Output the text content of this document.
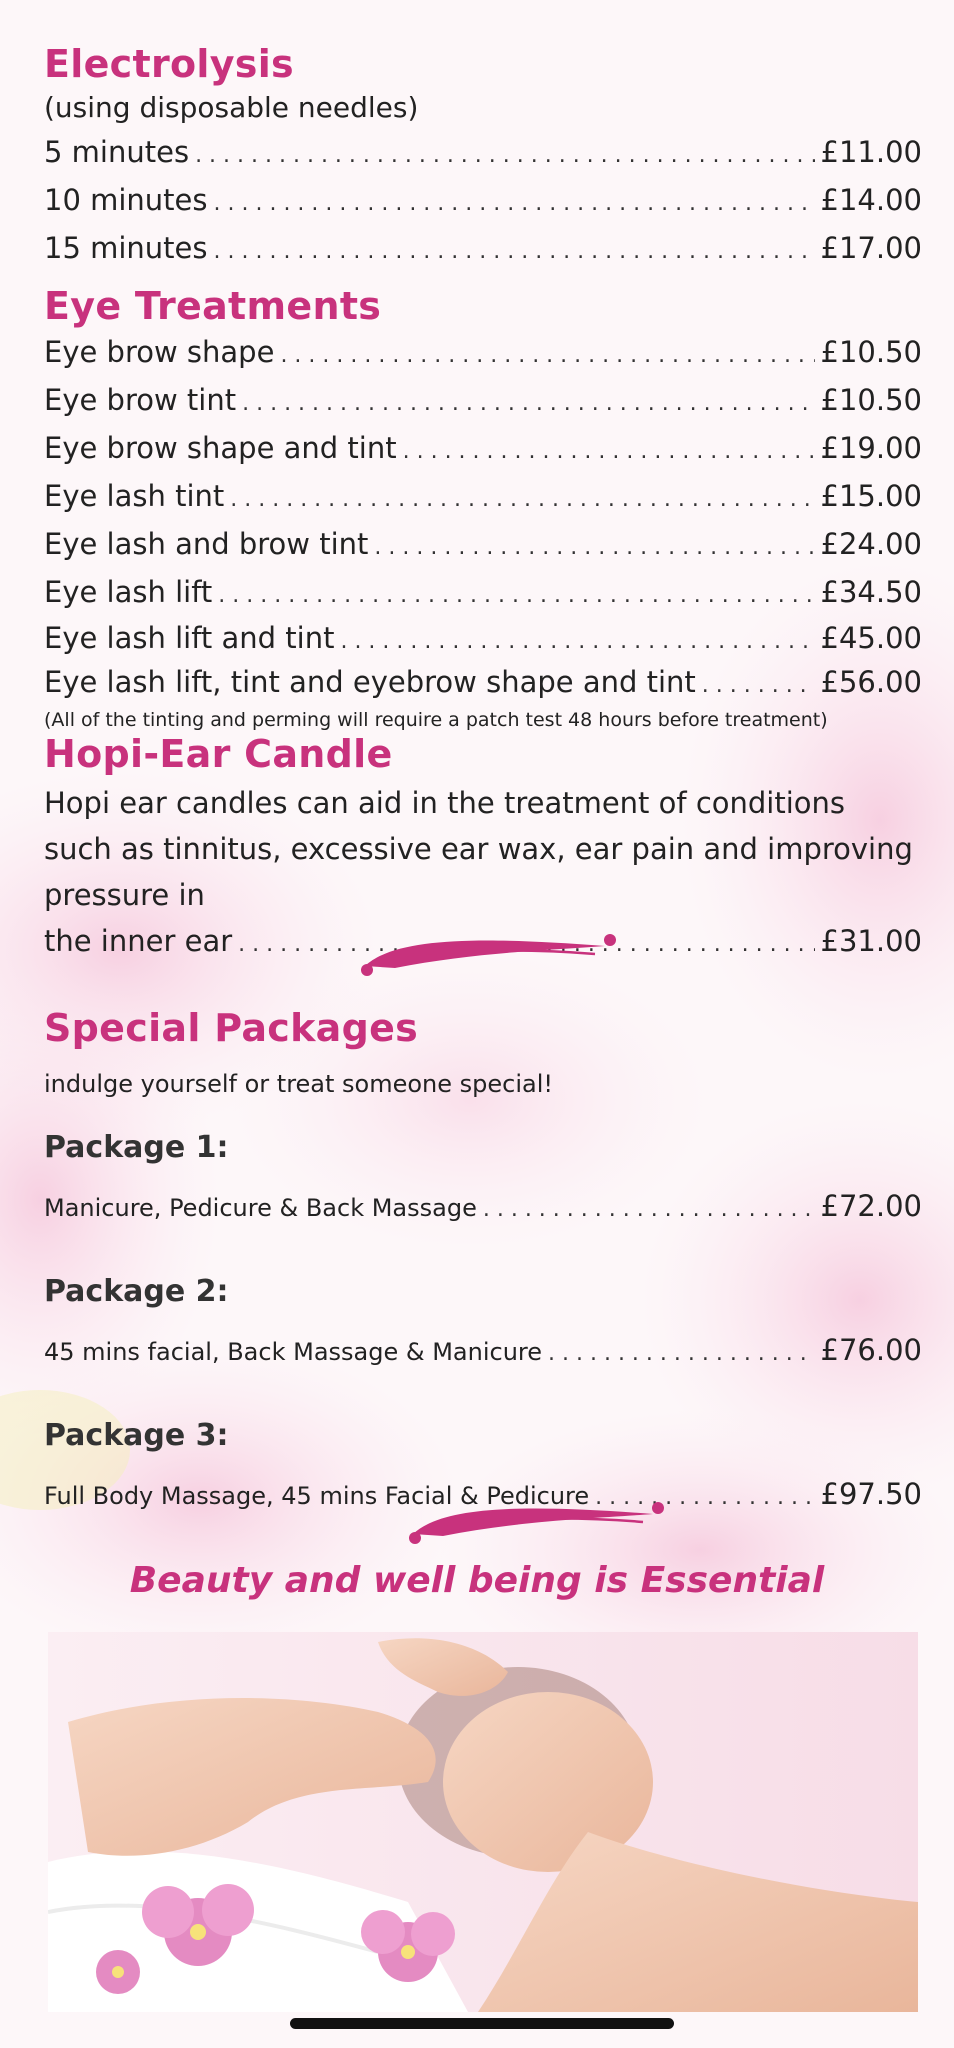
Electrolysis
(using disposable needles)
5 minutes . . .	£11.00
10 minutes . . .	£14.00
15 minutes . . .	£17.00
Eye Treatments
Eye brow shape . . .	£10.50
Eye brow tint . . .	£10.50
Eye brow shape and tint . . .	£19.00
Eye lash tint . . .	£15.00
Eye lash and brow tint . . .	£24.00
Eye lash lift . . .	£34.50
Eye lash lift and tint . . .	£45.00
Eye lash lift, tint and eyebrow shape and tint . . .	£56.00
(All of the tinting and perming will require a patch test 48 hours before treatment)
Hopi-Ear Candle
Hopi ear candles can aid in the treatment of conditions such as tinnitus, excessive ear wax, ear pain and improving pressure in
the inner ear . . .	£31.00
Special Packages
indulge yourself or treat someone special!
Package 1:
Manicure, Pedicure & Back Massage . . .	£72.00
Package 2:
45 mins facial, Back Massage & Manicure . . .	£76.00
Package 3:
Full Body Massage, 45 mins Facial & Pedicure . . .	£97.50
Beauty and well being is Essential
